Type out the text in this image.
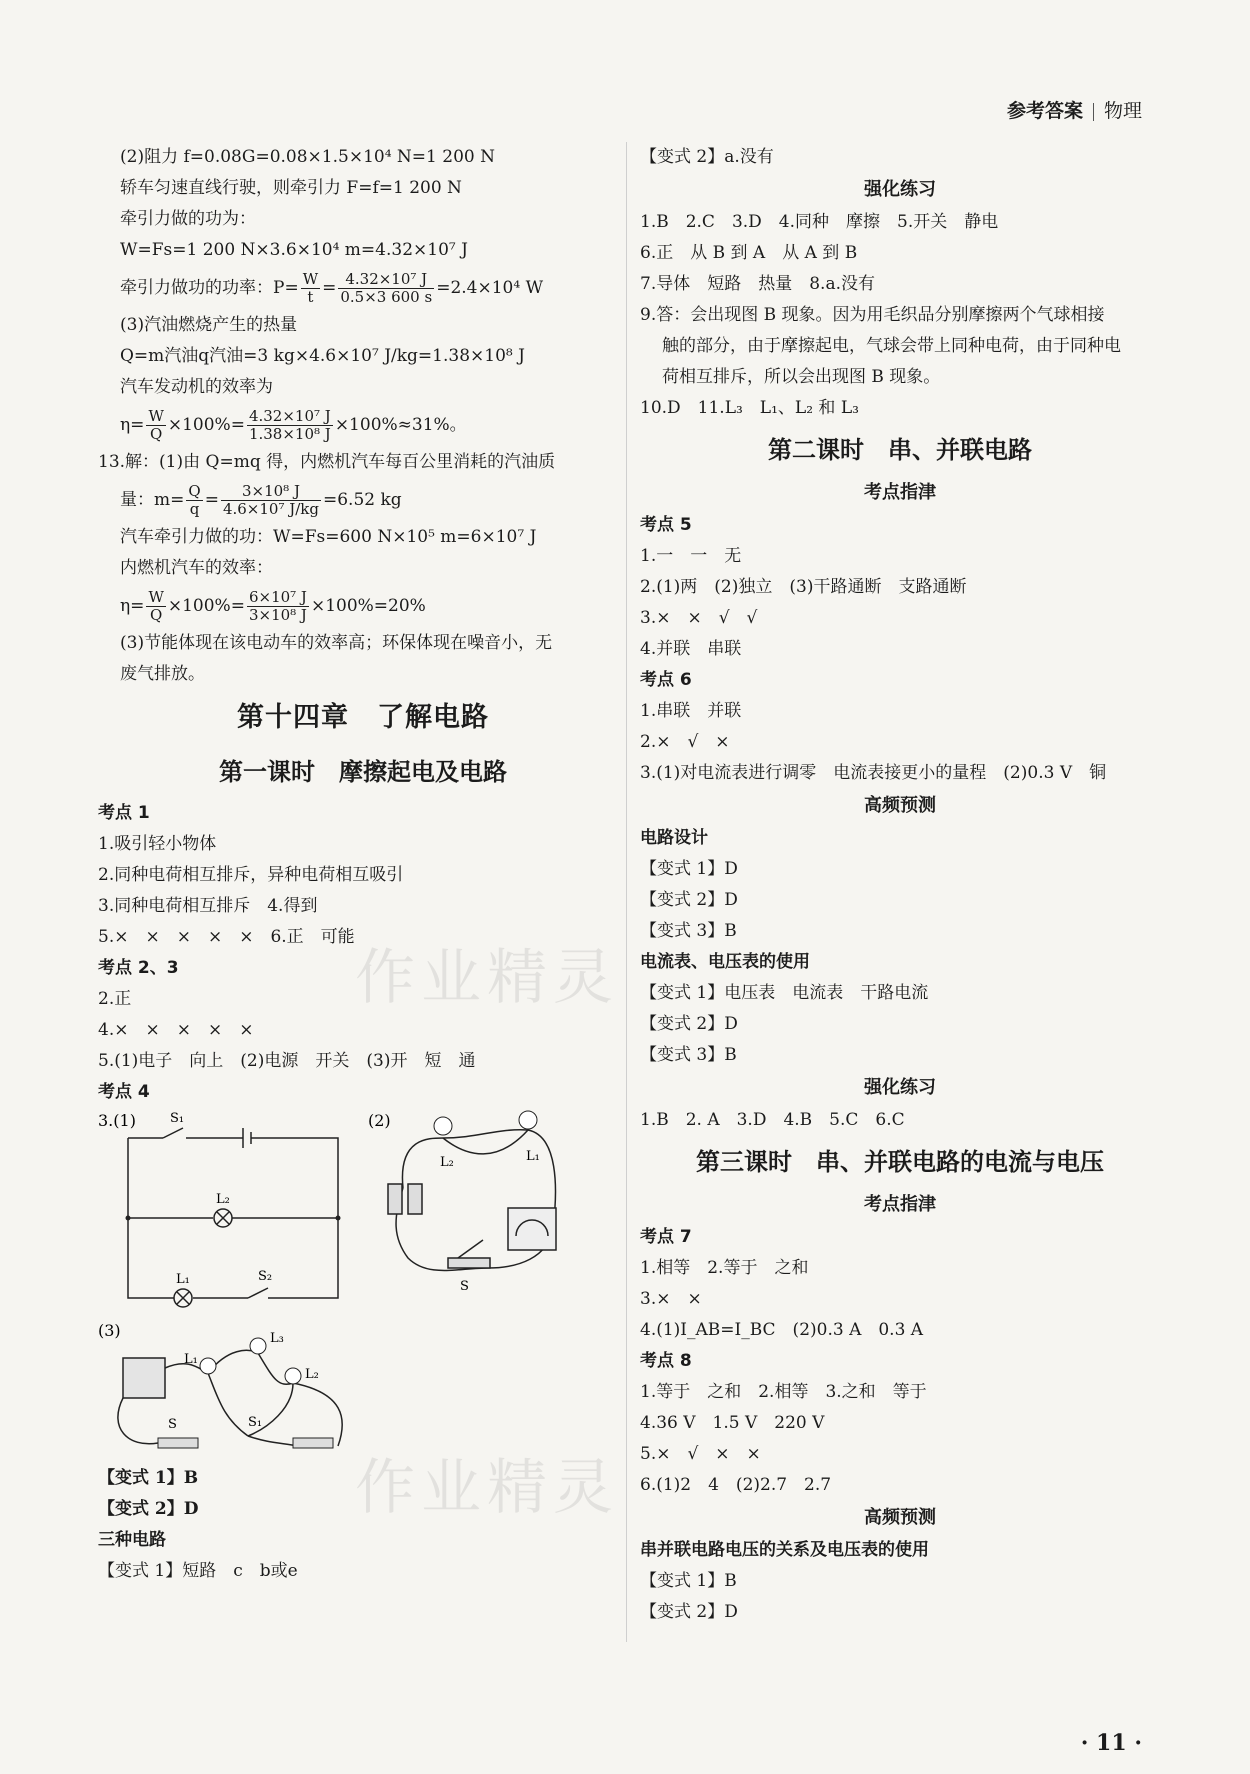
参考答案 物理
作业精灵
作业精灵
(2)阻力 f=0.08G=0.08×1.5×10⁴ N=1 200 N
轿车匀速直线行驶，则牵引力 F=f=1 200 N
牵引力做的功为：
W=Fs=1 200 N×3.6×10⁴ m=4.32×10⁷ J
牵引力做功的功率：$P= \frac{W}{t} = \frac{\text{4.32×10⁷ J}}{0.5\times 3 600 s} =2.4\times 10^4$ W
(3)汽油燃烧产生的热量
Q=m汽油q汽油=3 kg×4.6×10⁷ J/kg=1.38×10⁸ J
汽车发动机的效率为
$\eta= \frac{W}{Q} \times 100\%= \frac{\text{4.32×10⁷ J}}{\text{1.38×10⁸ J}} \times 100\%\approx 31\%$。
13.解：(1)由 Q=mq 得，内燃机汽车每百公里消耗的汽油质
量：$m= \frac{Q}{q} = \frac{\text{3×10⁸ J}}{\text{4.6×10⁷ J/kg}} =6.52$ kg
汽车牵引力做的功：W=Fs=600 N×10⁵ m=6×10⁷ J
内燃机汽车的效率：
$\eta= \frac{W}{Q} \times 100\%= \frac{\text{6×10⁷ J}}{\text{3×10⁸ J}} \times 100\%=20\%$
(3)节能体现在该电动车的效率高；环保体现在噪音小，无
废气排放。
第十四章　了解电路
第一课时　摩擦起电及电路
考点 1
1.吸引轻小物体
2.同种电荷相互排斥，异种电荷相互吸引
3.同种电荷相互排斥　4.得到
5.×　×　×　×　×　6.正　可能
考点 2、3
2.正
4.×　×　×　×　×
5.(1)电子　向上　(2)电源　开关　(3)开　短　通
考点 4
3.(1)	S₁
L₂
L₁	S₂
(2)
L₂	L₁
S
(3)
L₁
L₃
L₂
S	S₁
【变式 1】B
【变式 2】D
三种电路
【变式 1】短路　c　b或e
【变式 2】a.没有
强化练习
1.B　2.C　3.D　4.同种　摩擦　5.开关　静电
6.正　从 B 到 A　从 A 到 B
7.导体　短路　热量　8.a.没有
9.答：会出现图 B 现象。因为用毛织品分别摩擦两个气球相接
触的部分，由于摩擦起电，气球会带上同种电荷，由于同种电
荷相互排斥，所以会出现图 B 现象。
10.D　11.L₃　L₁、L₂ 和 L₃
第二课时　串、并联电路
考点指津
考点 5
1.一　一　无
2.(1)两　(2)独立　(3)干路通断　支路通断
3.×　×　√　√
4.并联　串联
考点 6
1.串联　并联
2.×　√　×
3.(1)对电流表进行调零　电流表接更小的量程　(2)0.3 V　铜
高频预测
电路设计
【变式 1】D
【变式 2】D
【变式 3】B
电流表、电压表的使用
【变式 1】电压表　电流表　干路电流
【变式 2】D
【变式 3】B
强化练习
1.B　2. A　3.D　4.B　5.C　6.C
第三课时　串、并联电路的电流与电压
考点指津
考点 7
1.相等　2.等于　之和
3.×　×
4.(1)I_AB=I_BC　(2)0.3 A　0.3 A
考点 8
1.等于　之和　2.相等　3.之和　等于
4.36 V　1.5 V　220 V
5.×　√　×　×
6.(1)2　4　(2)2.7　2.7
高频预测
串并联电路电压的关系及电压表的使用
【变式 1】B
【变式 2】D
· 11 ·
